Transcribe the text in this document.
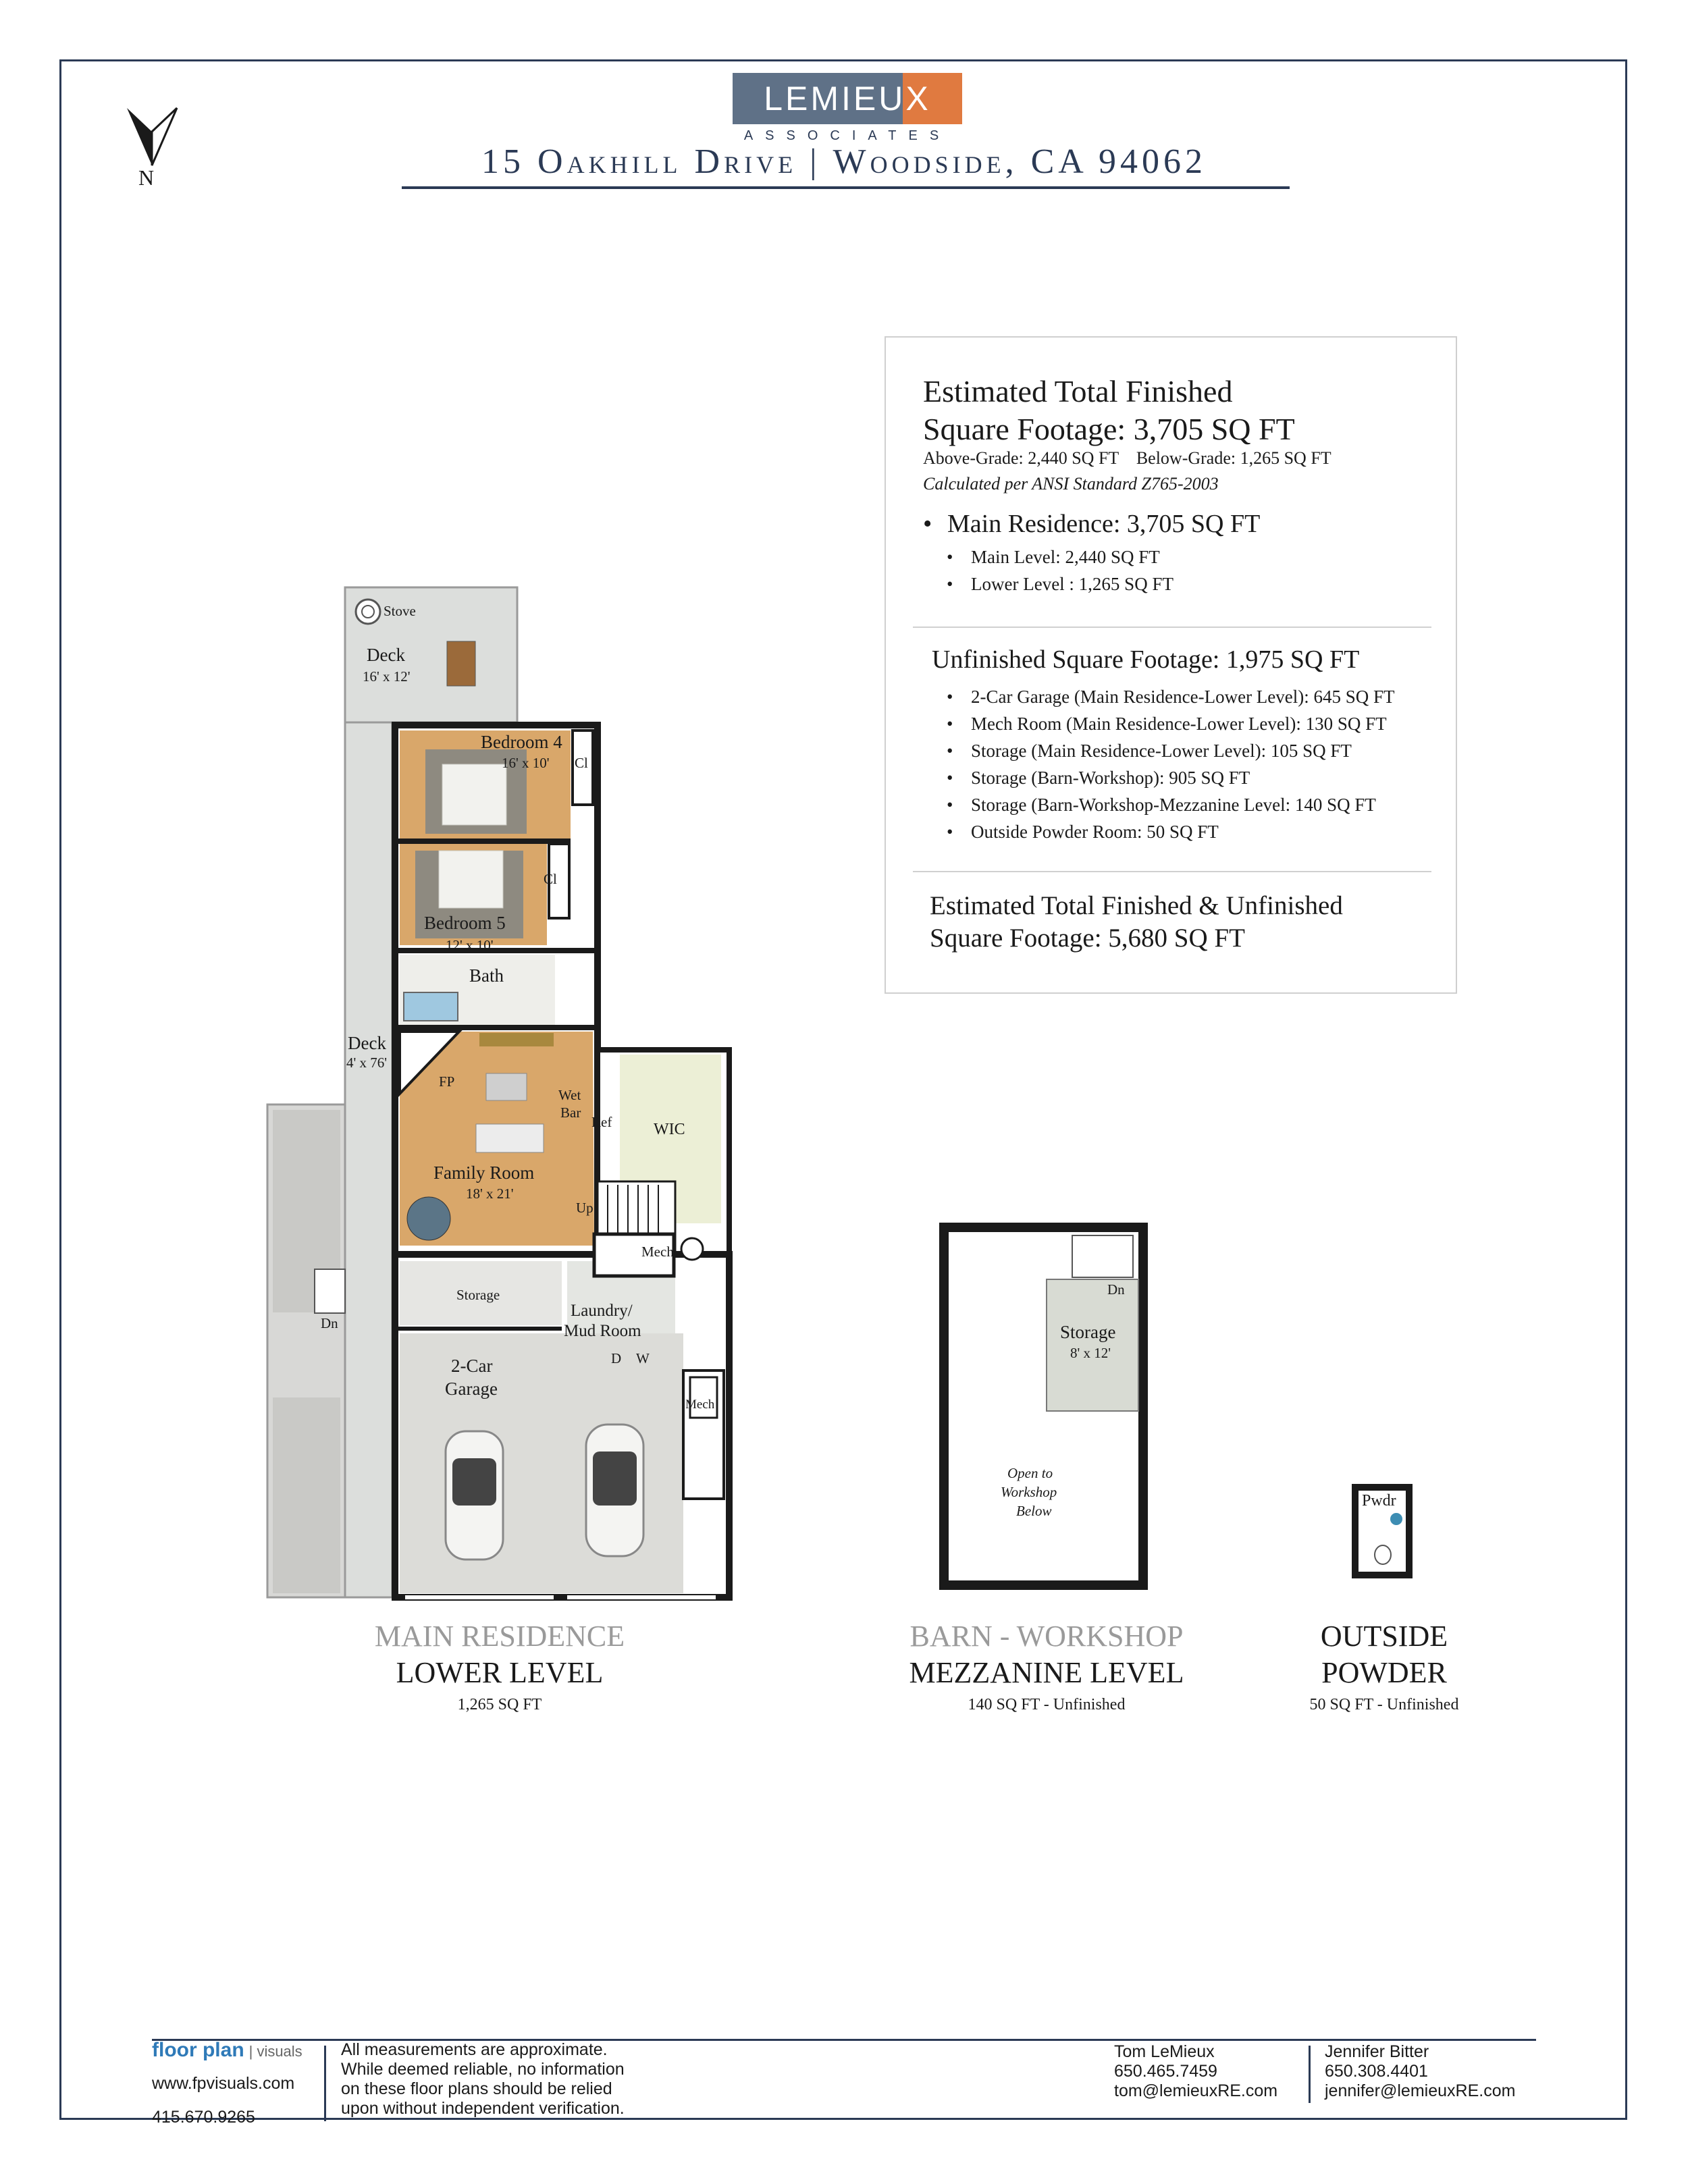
LEMIEUX
ASSOCIATES
15 Oakhill Drive | Woodside, CA 94062
N
Estimated Total Finished
Square Footage: 3,705 SQ FT
Above-Grade: 2,440 SQ FT    Below-Grade: 1,265 SQ FT
Calculated per ANSI Standard Z765-2003
• Main Residence: 3,705 SQ FT
• Main Level: 2,440 SQ FT
• Lower Level : 1,265 SQ FT
Unfinished Square Footage: 1,975 SQ FT
• 2-Car Garage (Main Residence-Lower Level): 645 SQ FT
• Mech Room (Main Residence-Lower Level): 130 SQ FT
• Storage (Main Residence-Lower Level): 105 SQ FT
• Storage (Barn-Workshop): 905 SQ FT
• Storage (Barn-Workshop-Mezzanine Level: 140 SQ FT
• Outside Powder Room: 50 SQ FT
Estimated Total Finished & Unfinished
Square Footage: 5,680 SQ FT
Stove
Deck
16' x 12'
Bedroom 4
16' x 10' Cl
Cl
Bedroom 5
12' x 10'
Bath
Deck
4' x 76'
FP
Wet
Bar
Ref	WIC
Family Room
18' x 21'
Up
Mech
Storage
Laundry/
Mud Room
D W
2-Car
Garage
Mech
Dn
Dn
Storage
8' x 12'
Open to
Workshop
Below
Pwdr
MAIN RESIDENCE
LOWER LEVEL
1,265 SQ FT
BARN - WORKSHOP
MEZZANINE LEVEL
140 SQ FT - Unfinished
OUTSIDE
POWDER
50 SQ FT - Unfinished
floor plan | visuals
www.fpvisuals.com
415.670.9265
All measurements are approximate.
While deemed reliable, no information
on these floor plans should be relied
upon without independent verification.
Tom LeMieux
650.465.7459
tom@lemieuxRE.com
Jennifer Bitter
650.308.4401
jennifer@lemieuxRE.com
